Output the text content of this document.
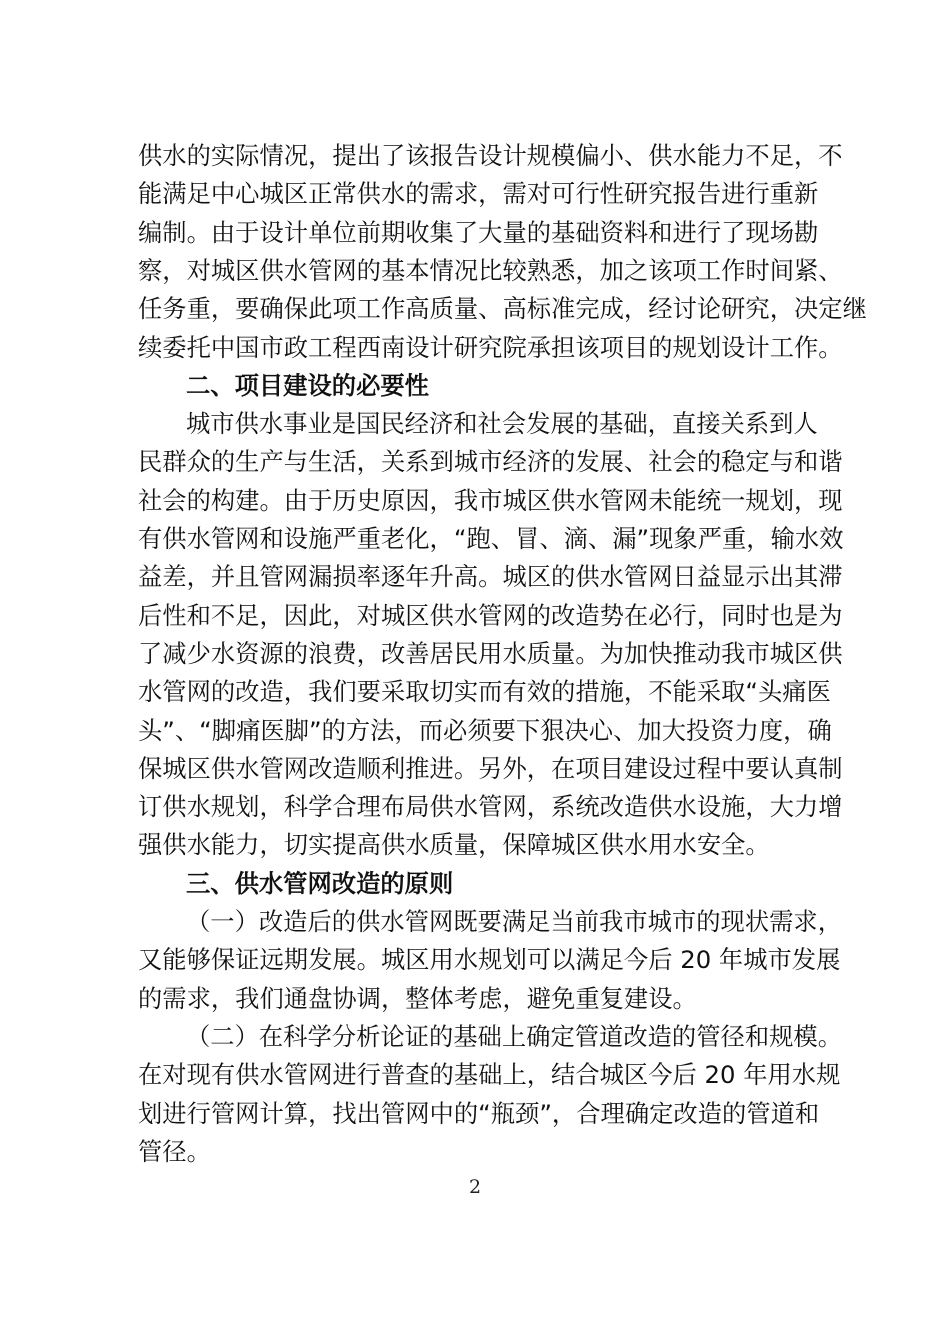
供水的实际情况，提出了该报告设计规模偏小、供水能力不足，不
能满足中心城区正常供水的需求，需对可行性研究报告进行重新
编制。由于设计单位前期收集了大量的基础资料和进行了现场勘
察，对城区供水管网的基本情况比较熟悉，加之该项工作时间紧、
任务重，要确保此项工作高质量、高标准完成，经讨论研究，决定继
续委托中国市政工程西南设计研究院承担该项目的规划设计工作。
二、项目建设的必要性
城市供水事业是国民经济和社会发展的基础，直接关系到人
民群众的生产与生活，关系到城市经济的发展、社会的稳定与和谐
社会的构建。由于历史原因，我市城区供水管网未能统一规划，现
有供水管网和设施严重老化，“跑、冒、滴、漏”现象严重，输水效
益差，并且管网漏损率逐年升高。城区的供水管网日益显示出其滞
后性和不足，因此，对城区供水管网的改造势在必行，同时也是为
了减少水资源的浪费，改善居民用水质量。为加快推动我市城区供
水管网的改造，我们要采取切实而有效的措施，不能采取“头痛医
头”、“脚痛医脚”的方法，而必须要下狠决心、加大投资力度，确
保城区供水管网改造顺利推进。另外，在项目建设过程中要认真制
订供水规划，科学合理布局供水管网，系统改造供水设施，大力增
强供水能力，切实提高供水质量，保障城区供水用水安全。
三、供水管网改造的原则
（一）改造后的供水管网既要满足当前我市城市的现状需求，
又能够保证远期发展。城区用水规划可以满足今后 20 年城市发展
的需求，我们通盘协调，整体考虑，避免重复建设。
（二）在科学分析论证的基础上确定管道改造的管径和规模。
在对现有供水管网进行普查的基础上，结合城区今后 20 年用水规
划进行管网计算，找出管网中的“瓶颈”，合理确定改造的管道和
管径。
2
